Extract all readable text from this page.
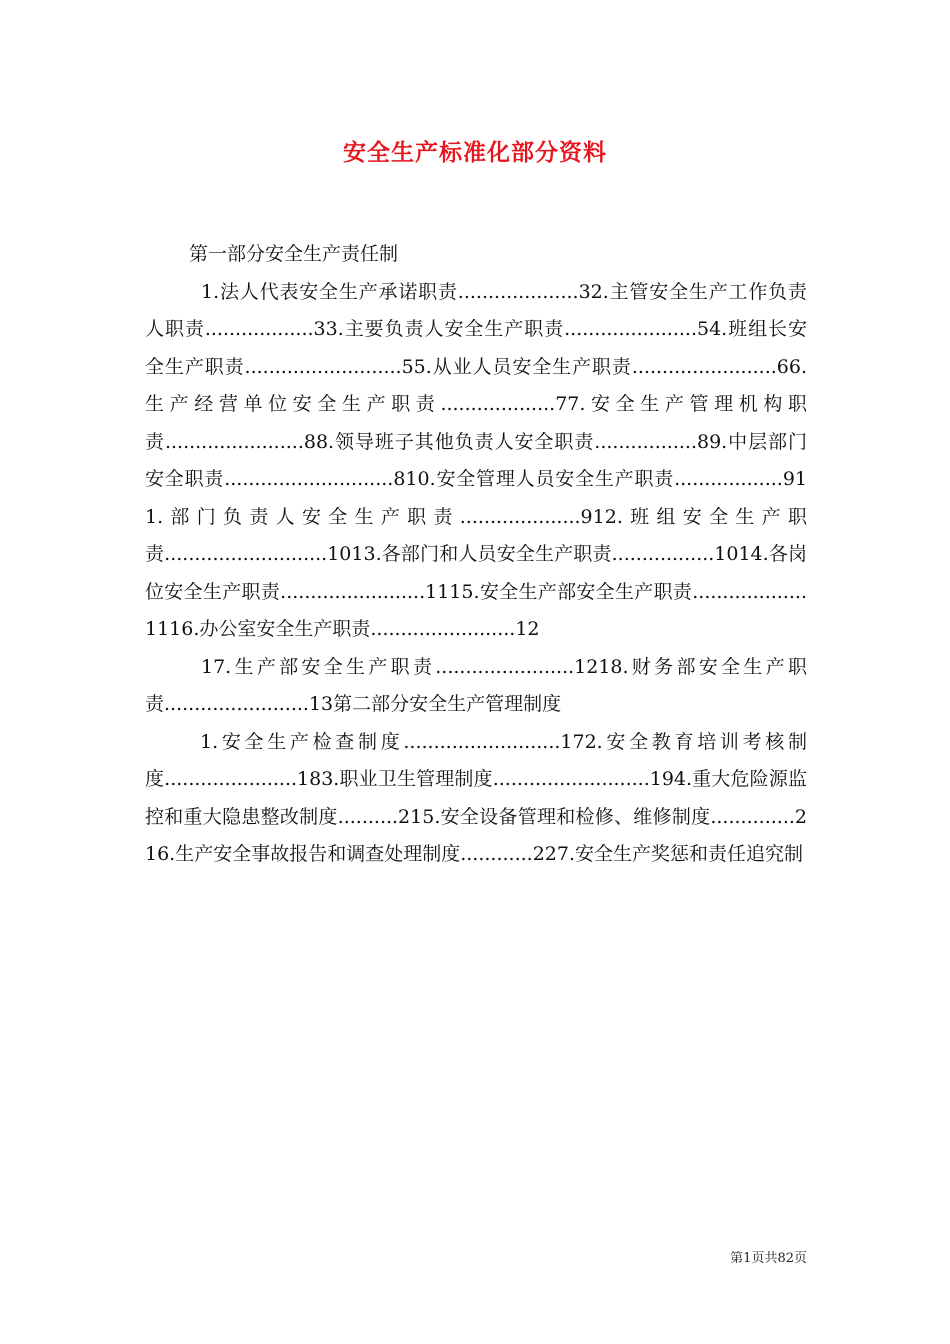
安全生产标准化部分资料

第一部分安全生产责任制

1.法人代表安全生产承诺职责....................32.主管安全生产工作负责人职责..................33.主要负责人安全生产职责......................54.班组长安全生产职责..........................55.从业人员安全生产职责........................66.生产经营单位安全生产职责...................77.安全生产管理机构职责.......................88.领导班子其他负责人安全职责.................89.中层部门安全职责............................810.安全管理人员安全生产职责..................911.部门负责人安全生产职责....................912.班组安全生产职责...........................1013.各部门和人员安全生产职责.................1014.各岗位安全生产职责........................1115.安全生产部安全生产职责...................1116.办公室安全生产职责........................12

17.生产部安全生产职责.......................1218.财务部安全生产职责........................13第二部分安全生产管理制度

1.安全生产检查制度..........................172.安全教育培训考核制度......................183.职业卫生管理制度..........................194.重大危险源监控和重大隐患整改制度..........215.安全设备管理和检修、维修制度..............216.生产安全事故报告和调查处理制度............227.安全生产奖惩和责任追究制

第1页共82页
